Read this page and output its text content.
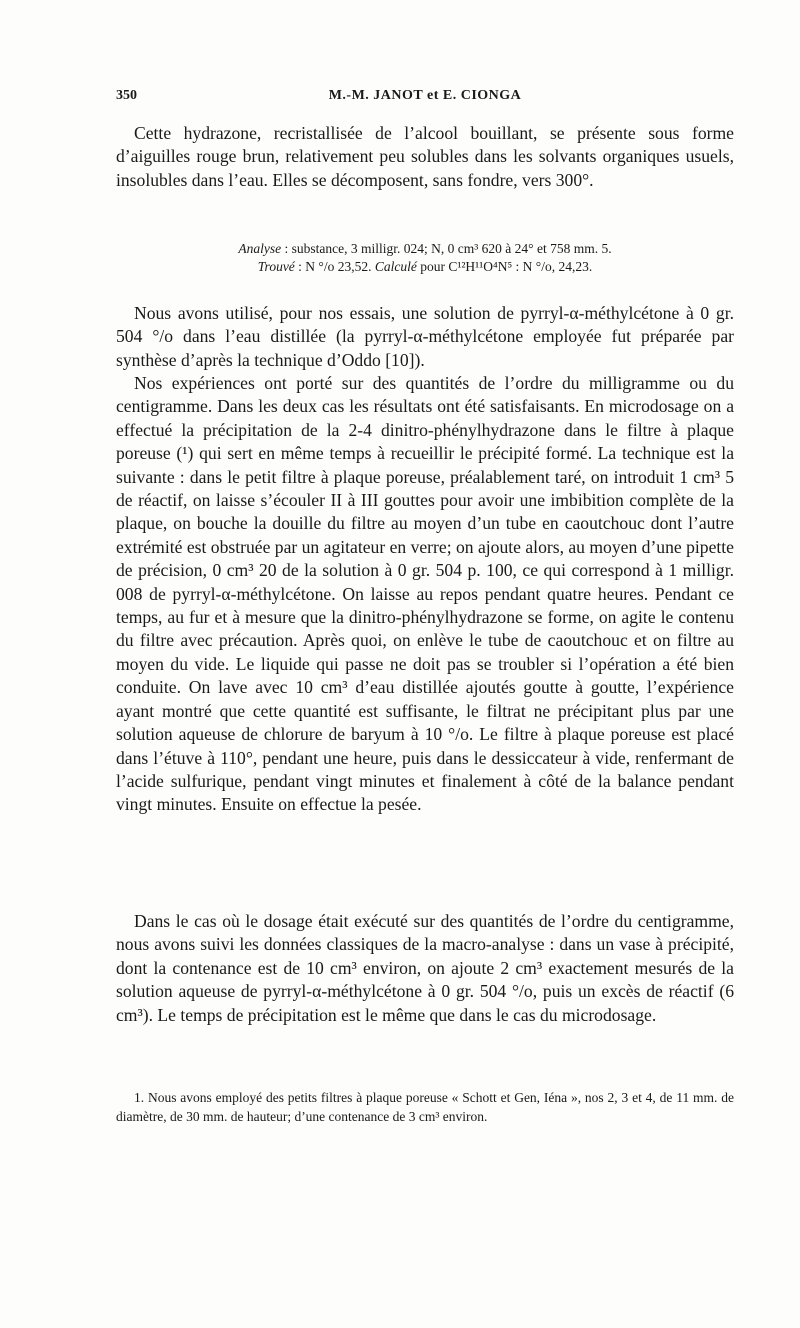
350	M.-M. JANOT et E. CIONGA

Cette hydrazone, recristallisée de l’alcool bouillant, se présente sous forme d’aiguilles rouge brun, relativement peu solubles dans les solvants organiques usuels, insolubles dans l’eau. Elles se décomposent, sans fondre, vers 300°.

Analyse : substance, 3 milligr. 024; N, 0 cm³ 620 à 24° et 758 mm. 5.
Trouvé : N °/o 23,52. Calculé pour C¹²H¹¹O⁴N⁵ : N °/o, 24,23.

Nous avons utilisé, pour nos essais, une solution de pyrryl-α-méthylcétone à 0 gr. 504 °/o dans l’eau distillée (la pyrryl-α-méthylcétone employée fut préparée par synthèse d’après la technique d’Oddo [10]).

Nos expériences ont porté sur des quantités de l’ordre du milligramme ou du centigramme. Dans les deux cas les résultats ont été satisfaisants. En microdosage on a effectué la précipitation de la 2-4 dinitro-phénylhydrazone dans le filtre à plaque poreuse (¹) qui sert en même temps à recueillir le précipité formé. La technique est la suivante : dans le petit filtre à plaque poreuse, préalablement taré, on introduit 1 cm³ 5 de réactif, on laisse s’écouler II à III gouttes pour avoir une imbibition complète de la plaque, on bouche la douille du filtre au moyen d’un tube en caoutchouc dont l’autre extrémité est obstruée par un agitateur en verre; on ajoute alors, au moyen d’une pipette de précision, 0 cm³ 20 de la solution à 0 gr. 504 p. 100, ce qui correspond à 1 milligr. 008 de pyrryl-α-méthylcétone. On laisse au repos pendant quatre heures. Pendant ce temps, au fur et à mesure que la dinitro-phénylhydrazone se forme, on agite le contenu du filtre avec précaution. Après quoi, on enlève le tube de caoutchouc et on filtre au moyen du vide. Le liquide qui passe ne doit pas se troubler si l’opération a été bien conduite. On lave avec 10 cm³ d’eau distillée ajoutés goutte à goutte, l’expérience ayant montré que cette quantité est suffisante, le filtrat ne précipitant plus par une solution aqueuse de chlorure de baryum à 10 °/o. Le filtre à plaque poreuse est placé dans l’étuve à 110°, pendant une heure, puis dans le dessiccateur à vide, renfermant de l’acide sulfurique, pendant vingt minutes et finalement à côté de la balance pendant vingt minutes. Ensuite on effectue la pesée.

Dans le cas où le dosage était exécuté sur des quantités de l’ordre du centigramme, nous avons suivi les données classiques de la macro-analyse : dans un vase à précipité, dont la contenance est de 10 cm³ environ, on ajoute 2 cm³ exactement mesurés de la solution aqueuse de pyrryl-α-méthylcétone à 0 gr. 504 °/o, puis un excès de réactif (6 cm³). Le temps de précipitation est le même que dans le cas du microdosage.

1. Nous avons employé des petits filtres à plaque poreuse « Schott et Gen, Iéna », nos 2, 3 et 4, de 11 mm. de diamètre, de 30 mm. de hauteur; d’une contenance de 3 cm³ environ.
